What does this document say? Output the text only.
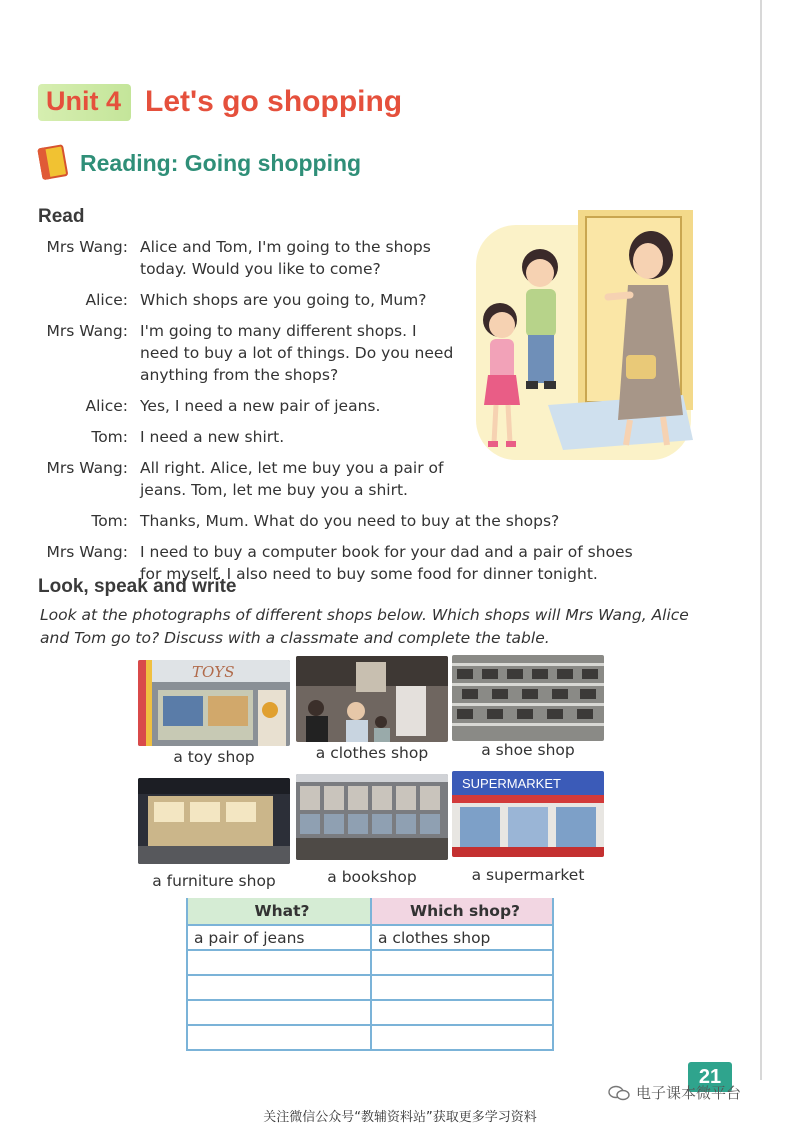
Unit 4 Let's go shopping
Reading: Going shopping
Read
Mrs Wang: Alice and Tom, I'm going to the shops
today. Would you like to come?
Alice: Which shops are you going to, Mum?
Mrs Wang: I'm going to many different shops. I
need to buy a lot of things. Do you need
anything from the shops?
Alice: Yes, I need a new pair of jeans.
Tom: I need a new shirt.
Mrs Wang: All right. Alice, let me buy you a pair of
jeans. Tom, let me buy you a shirt.
Tom: Thanks, Mum. What do you need to buy at the shops?
Mrs Wang: I need to buy a computer book for your dad and a pair of shoes
for myself. I also need to buy some food for dinner tonight.
Look, speak and write
Look at the photographs of different shops below. Which shops will Mrs Wang, Alice and Tom go to? Discuss with a classmate and complete the table.
TOYS
a toy shop	a clothes shop	a shoe shop
SUPERMARKET
a furniture shop	a bookshop	a supermarket
What?	Which shop?
a pair of jeans	a clothes shop

21
电子课本微平台
关注微信公众号“教辅资料站”获取更多学习资料
